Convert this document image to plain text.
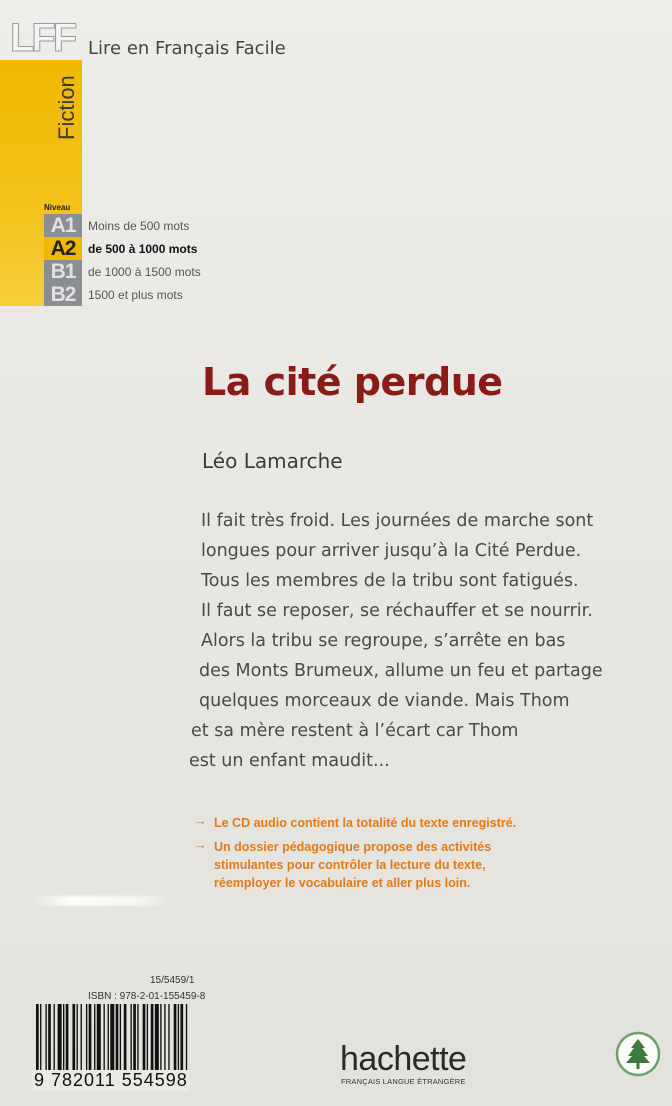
LFF Lire en Français Facile
Fiction
Niveau
A1	Moins de 500 mots
A2	de 500 à 1000 mots
B1	de 1000 à 1500 mots
B2	1500 et plus mots
La cité perdue
Léo Lamarche
Il fait très froid. Les journées de marche sont
longues pour arriver jusqu’à la Cité Perdue.
Tous les membres de la tribu sont fatigués.
Il faut se reposer, se réchauffer et se nourrir.
Alors la tribu se regroupe, s’arrête en bas
des Monts Brumeux, allume un feu et partage
quelques morceaux de viande. Mais Thom
et sa mère restent à l’écart car Thom
est un enfant maudit...
→ Le CD audio contient la totalité du texte enregistré.
→ Un dossier pédagogique propose des activités
stimulantes pour contrôler la lecture du texte,
réemployer le vocabulaire et aller plus loin.
15/5459/1
ISBN : 978-2-01-155459-8
9 782011 554598
hachette
FRANÇAIS LANGUE ÉTRANGÈRE
